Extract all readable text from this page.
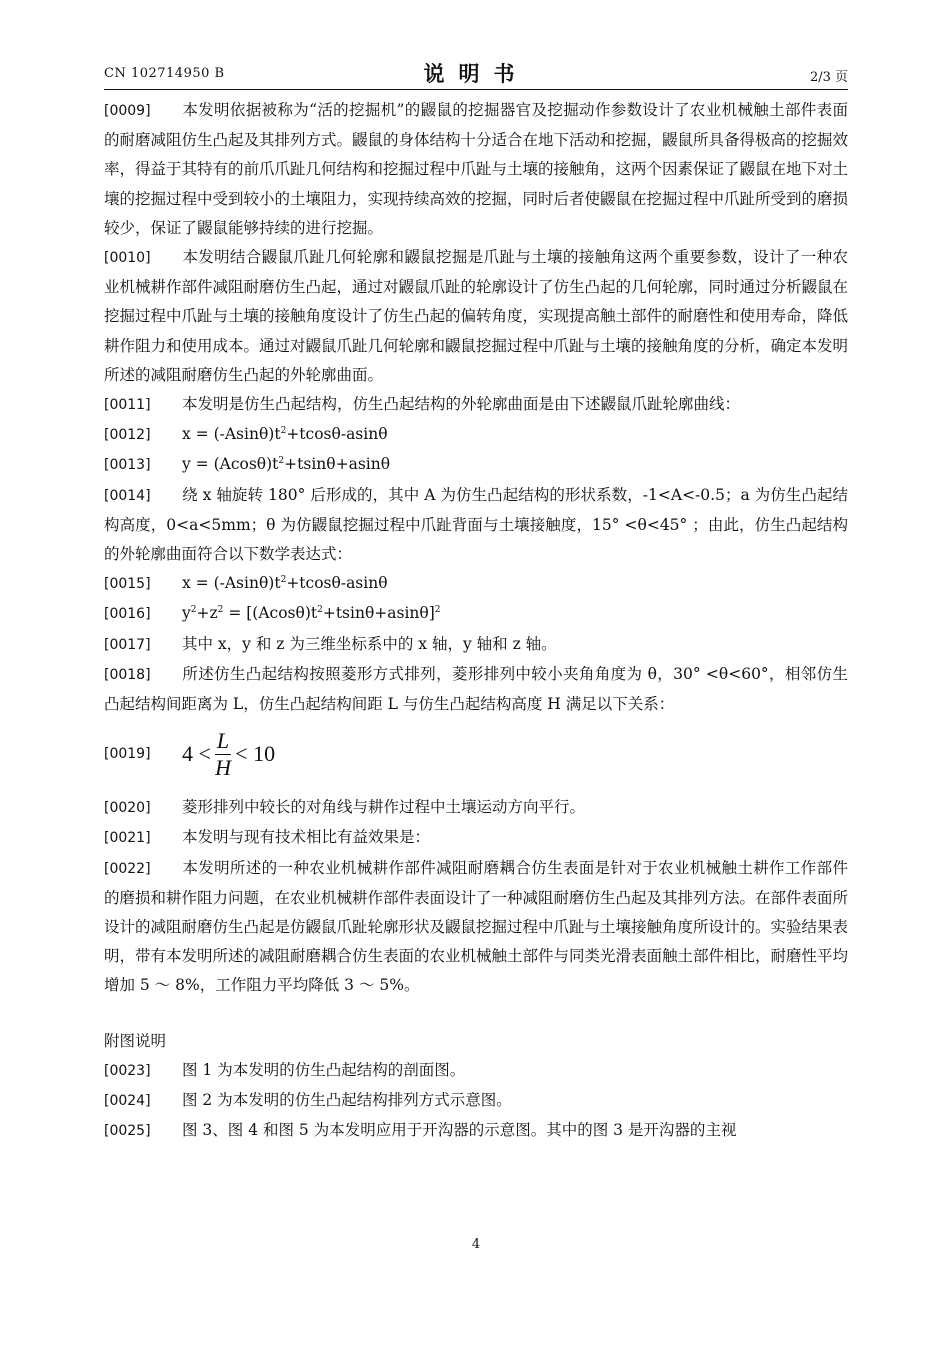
CN 102714950 B	说明书	2/3 页

[0009] 本发明依据被称为“活的挖掘机”的鼹鼠的挖掘器官及挖掘动作参数设计了农业机械触土部件表面的耐磨减阻仿生凸起及其排列方式。鼹鼠的身体结构十分适合在地下活动和挖掘，鼹鼠所具备得极高的挖掘效率，得益于其特有的前爪爪趾几何结构和挖掘过程中爪趾与土壤的接触角，这两个因素保证了鼹鼠在地下对土壤的挖掘过程中受到较小的土壤阻力，实现持续高效的挖掘，同时后者使鼹鼠在挖掘过程中爪趾所受到的磨损较少，保证了鼹鼠能够持续的进行挖掘。

[0010] 本发明结合鼹鼠爪趾几何轮廓和鼹鼠挖掘是爪趾与土壤的接触角这两个重要参数，设计了一种农业机械耕作部件减阻耐磨仿生凸起，通过对鼹鼠爪趾的轮廓设计了仿生凸起的几何轮廓，同时通过分析鼹鼠在挖掘过程中爪趾与土壤的接触角度设计了仿生凸起的偏转角度，实现提高触土部件的耐磨性和使用寿命，降低耕作阻力和使用成本。通过对鼹鼠爪趾几何轮廓和鼹鼠挖掘过程中爪趾与土壤的接触角度的分析，确定本发明所述的减阻耐磨仿生凸起的外轮廓曲面。

[0011] 本发明是仿生凸起结构，仿生凸起结构的外轮廓曲面是由下述鼹鼠爪趾轮廓曲线：

[0012] $x = (-Asin\theta)t^2+tcos\theta$-asinθ

[0013] $y = (Acos\theta)t^2+tsin\theta+asin\theta$

[0014] 绕 x 轴旋转 180° 后形成的，其中 A 为仿生凸起结构的形状系数，-1<A<-0.5；a 为仿生凸起结构高度，0<a<5mm；θ 为仿鼹鼠挖掘过程中爪趾背面与土壤接触度，15° <θ<45° ；由此，仿生凸起结构的外轮廓曲面符合以下数学表达式：

[0015] $x = (-Asin\theta)t^2+tcos\theta$-asinθ

[0016] $y^2+z^2 = [(Acos\theta)t^2+tsin\theta+asin\theta]^2$

[0017] 其中 x，y 和 z 为三维坐标系中的 x 轴，y 轴和 z 轴。

[0018] 所述仿生凸起结构按照菱形方式排列，菱形排列中较小夹角角度为 θ，30° <θ<60°，相邻仿生凸起结构间距离为 L，仿生凸起结构间距 L 与仿生凸起结构高度 H 满足以下关系：

[0019]	$4 < \frac{L}{H} < 10$

[0020] 菱形排列中较长的对角线与耕作过程中土壤运动方向平行。

[0021] 本发明与现有技术相比有益效果是：

[0022] 本发明所述的一种农业机械耕作部件减阻耐磨耦合仿生表面是针对于农业机械触土耕作工作部件的磨损和耕作阻力问题，在农业机械耕作部件表面设计了一种减阻耐磨仿生凸起及其排列方法。在部件表面所设计的减阻耐磨仿生凸起是仿鼹鼠爪趾轮廓形状及鼹鼠挖掘过程中爪趾与土壤接触角度所设计的。实验结果表明，带有本发明所述的减阻耐磨耦合仿生表面的农业机械触土部件与同类光滑表面触土部件相比，耐磨性平均增加 5 ～ 8%，工作阻力平均降低 3 ～ 5%。

附图说明

[0023] 图 1 为本发明的仿生凸起结构的剖面图。

[0024] 图 2 为本发明的仿生凸起结构排列方式示意图。

[0025] 图 3、图 4 和图 5 为本发明应用于开沟器的示意图。其中的图 3 是开沟器的主视

4
